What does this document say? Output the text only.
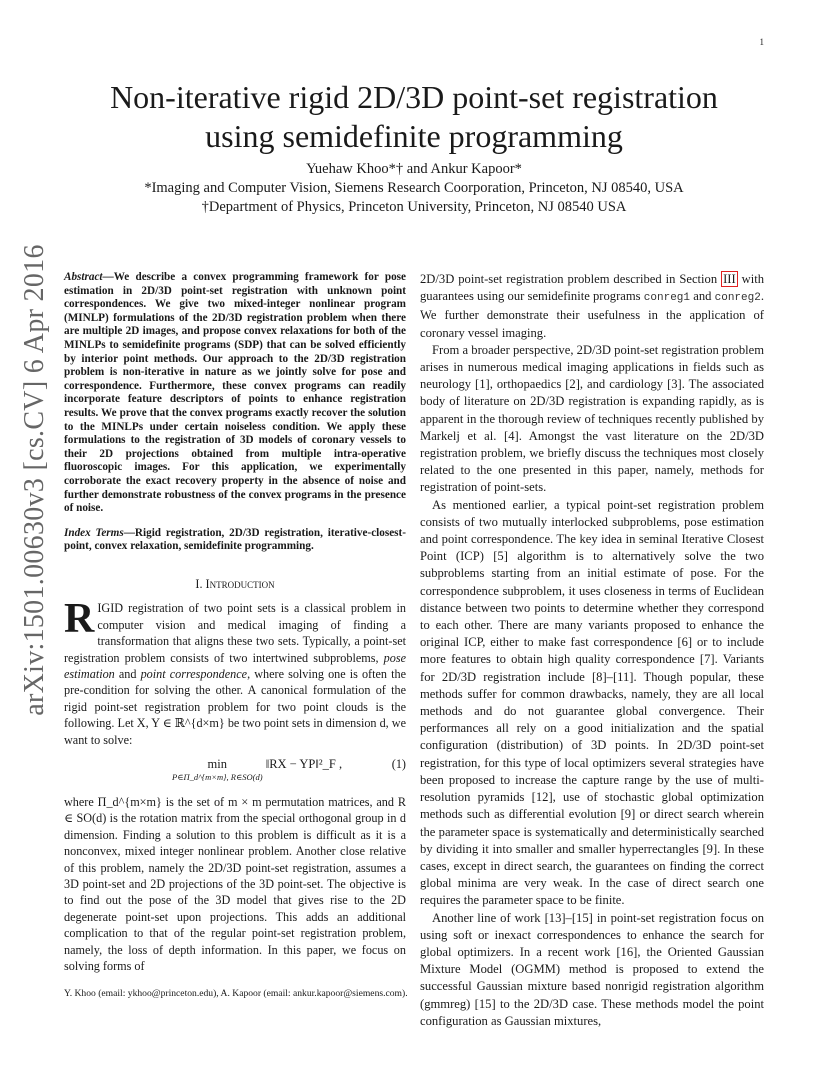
1
arXiv:1501.00630v3 [cs.CV] 6 Apr 2016
Non-iterative rigid 2D/3D point-set registration
using semidefinite programming
Yuehaw Khoo*† and Ankur Kapoor*
*Imaging and Computer Vision, Siemens Research Coorporation, Princeton, NJ 08540, USA
†Department of Physics, Princeton University, Princeton, NJ 08540 USA

Abstract—We describe a convex programming framework for pose estimation in 2D/3D point-set registration with unknown point correspondences. We give two mixed-integer nonlinear program (MINLP) formulations of the 2D/3D registration problem when there are multiple 2D images, and propose convex relaxations for both of the MINLPs to semidefinite programs (SDP) that can be solved efficiently by interior point methods. Our approach to the 2D/3D registration problem is non-iterative in nature as we jointly solve for pose and correspondence. Furthermore, these convex programs can readily incorporate feature descriptors of points to enhance registration results. We prove that the convex programs exactly recover the solution to the MINLPs under certain noiseless condition. We apply these formulations to the registration of 3D models of coronary vessels to their 2D projections obtained from multiple intra-operative fluoroscopic images. For this application, we experimentally corroborate the exact recovery property in the absence of noise and further demonstrate robustness of the convex programs in the presence of noise.

Index Terms—Rigid registration, 2D/3D registration, iterative-closest-point, convex relaxation, semidefinite programming.

I. Introduction

RIGID registration of two point sets is a classical problem in computer vision and medical imaging of finding a transformation that aligns these two sets. Typically, a point-set registration problem consists of two intertwined subproblems, pose estimation and point correspondence, where solving one is often the pre-condition for solving the other. A canonical formulation of the rigid point-set registration problem for two point clouds is the following. Let X, Y ∈ ℝ^{d×m} be two point sets in dimension d, we want to solve:

min
P∈Π_d^{m×m}, R∈SO(d)
‖RX − YP‖²_F ,	(1)

where Π_d^{m×m} is the set of m × m permutation matrices, and R ∈ SO(d) is the rotation matrix from the special orthogonal group in d dimension. Finding a solution to this problem is difficult as it is a nonconvex, mixed integer nonlinear problem. Another close relative of this problem, namely the 2D/3D point-set registration, assumes a 3D point-set and 2D projections of the 3D point-set. The objective is to find out the pose of the 3D model that gives rise to the 2D degenerate point-set upon projections. This adds an additional complication to that of the regular point-set registration problem, namely, the loss of depth information. In this paper, we focus on solving forms of

Y. Khoo (email: ykhoo@princeton.edu), A. Kapoor (email: ankur.kapoor@siemens.com).

2D/3D point-set registration problem described in Section III with guarantees using our semidefinite programs conreg1 and conreg2. We further demonstrate their usefulness in the application of coronary vessel imaging.

From a broader perspective, 2D/3D point-set registration problem arises in numerous medical imaging applications in fields such as neurology [1], orthopaedics [2], and cardiology [3]. The associated body of literature on 2D/3D registration is expanding rapidly, as is apparent in the thorough review of techniques recently published by Markelj et al. [4]. Amongst the vast literature on the 2D/3D registration problem, we briefly discuss the techniques most closely related to the one presented in this paper, namely, methods for registration of point-sets.

As mentioned earlier, a typical point-set registration problem consists of two mutually interlocked subproblems, pose estimation and point correspondence. The key idea in seminal Iterative Closest Point (ICP) [5] algorithm is to alternatively solve the two subproblems starting from an initial estimate of pose. For the correspondence subproblem, it uses closeness in terms of Euclidean distance between two points to determine whether they correspond to each other. There are many variants proposed to enhance the original ICP, either to make fast correspondence [6] or to include more features to obtain high quality correspondence [7]. Variants for 2D/3D registration include [8]–[11]. Though popular, these methods suffer for common drawbacks, namely, they are all local methods and do not guarantee global convergence. Their performances all rely on a good initialization and the spatial configuration (distribution) of 3D points. In 2D/3D point-set registration, for this type of local optimizers several strategies have been proposed to increase the capture range by the use of multi-resolution pyramids [12], use of stochastic global optimization methods such as differential evolution [9] or direct search wherein the parameter space is systematically and deterministically searched by dividing it into smaller and smaller hyperrectangles [9]. In these cases, except in direct search, the guarantees on finding the correct global minima are very weak. In the case of direct search one requires the parameter space to be finite.

Another line of work [13]–[15] in point-set registration focus on using soft or inexact correspondences to enhance the search for global optimizers. In a recent work [16], the Oriented Gaussian Mixture Model (OGMM) method is proposed to extend the successful Gaussian mixture based nonrigid registration algorithm (gmmreg) [15] to the 2D/3D case. These methods model the point configuration as Gaussian mixtures,
